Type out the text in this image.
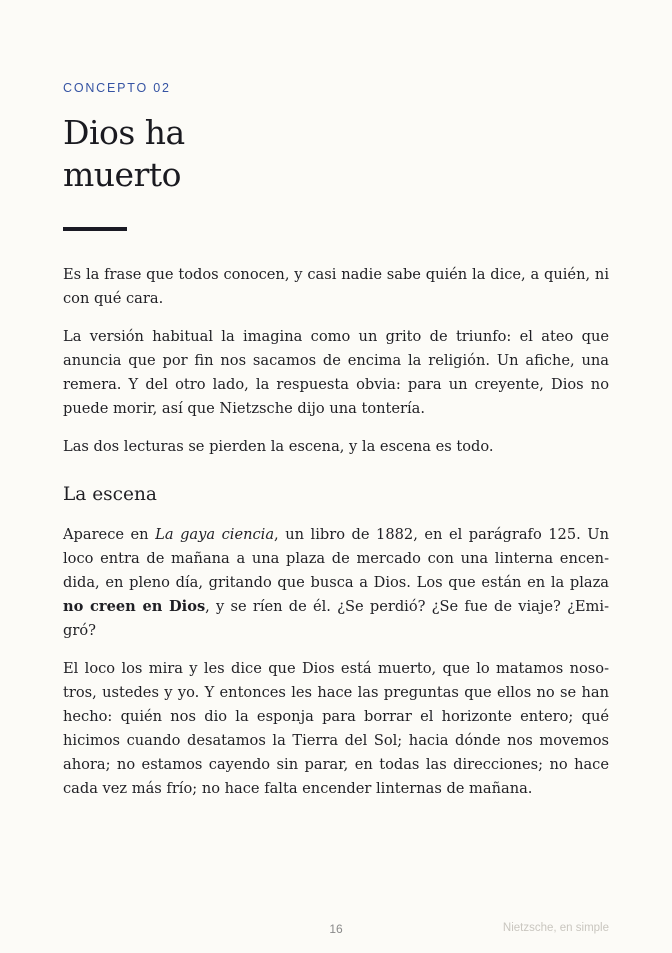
CONCEPTO 02
Dios ha
muerto

Es la frase que todos conocen, y casi nadie sabe quién la dice, a quién, ni con qué cara.

La versión habitual la imagina como un grito de triunfo: el ateo que anuncia que por fin nos sacamos de encima la religión. Un afiche, una remera. Y del otro lado, la respuesta obvia: para un creyente, Dios no puede morir, así que Nietzsche dijo una tontería.

Las dos lecturas se pierden la escena, y la escena es todo.

La escena

Aparece en La gaya ciencia, un libro de 1882, en el parágrafo 125. Un loco entra de mañana a una plaza de mercado con una linterna encendida, en pleno día, gritando que busca a Dios. Los que están en la plaza no creen en Dios, y se ríen de él. ¿Se perdió? ¿Se fue de viaje? ¿Emigró?

El loco los mira y les dice que Dios está muerto, que lo matamos nosotros, ustedes y yo. Y entonces les hace las preguntas que ellos no se han hecho: quién nos dio la esponja para borrar el horizonte entero; qué hicimos cuando desatamos la Tierra del Sol; hacia dónde nos movemos ahora; no estamos cayendo sin parar, en todas las direcciones; no hace cada vez más frío; no hace falta encender linternas de mañana.

16	Nietzsche, en simple
